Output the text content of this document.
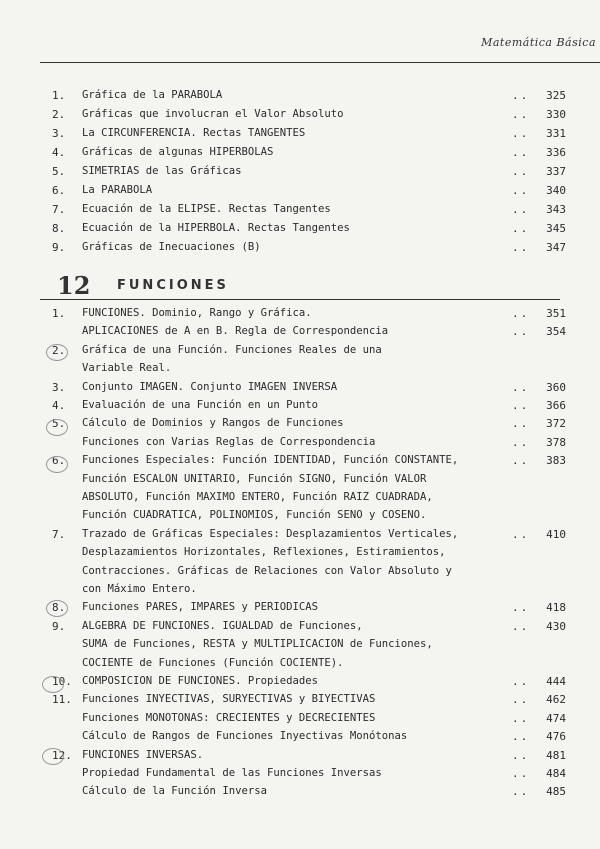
Matemática Básica
1.	Gráfica de la PARABOLA	..	325
2.	Gráficas que involucran el Valor Absoluto	..	330
3.	La CIRCUNFERENCIA. Rectas TANGENTES	..	331
4.	Gráficas de algunas HIPERBOLAS	..	336
5.	SIMETRIAS de las Gráficas	..	337
6.	La PARABOLA	..	340
7.	Ecuación de la ELIPSE. Rectas Tangentes	..	343
8.	Ecuación de la HIPERBOLA. Rectas Tangentes	..	345
9.	Gráficas de Inecuaciones (B)	..	347
12 FUNCIONES
1.	FUNCIONES. Dominio, Rango y Gráfica.	..	351
APLICACIONES de A en B. Regla de Correspondencia	..	354
2.	Gráfica de una Función. Funciones Reales de una
Variable Real.
3.	Conjunto IMAGEN. Conjunto IMAGEN INVERSA	..	360
4.	Evaluación de una Función en un Punto	..	366
5.	Cálculo de Dominios y Rangos de Funciones	..	372
Funciones con Varias Reglas de Correspondencia	..	378
6.	Funciones Especiales: Función IDENTIDAD, Función CONSTANTE,	..	383
Función ESCALON UNITARIO, Función SIGNO, Función VALOR
ABSOLUTO, Función MAXIMO ENTERO, Función RAIZ CUADRADA,
Función CUADRATICA, POLINOMIOS, Función SENO y COSENO.
7.	Trazado de Gráficas Especiales: Desplazamientos Verticales,	..	410
Desplazamientos Horizontales, Reflexiones, Estiramientos,
Contracciones. Gráficas de Relaciones con Valor Absoluto y
con Máximo Entero.
8.	Funciones PARES, IMPARES y PERIODICAS	..	418
9.	ALGEBRA DE FUNCIONES. IGUALDAD de Funciones,	..	430
SUMA de Funciones, RESTA y MULTIPLICACION de Funciones,
COCIENTE de Funciones (Función COCIENTE).
10. COMPOSICION DE FUNCIONES. Propiedades	..	444
11. Funciones INYECTIVAS, SURYECTIVAS y BIYECTIVAS	..	462
Funciones MONOTONAS: CRECIENTES y DECRECIENTES	..	474
Cálculo de Rangos de Funciones Inyectivas Monótonas	..	476
12. FUNCIONES INVERSAS.	..	481
Propiedad Fundamental de las Funciones Inversas	..	484
Cálculo de la Función Inversa	..	485
